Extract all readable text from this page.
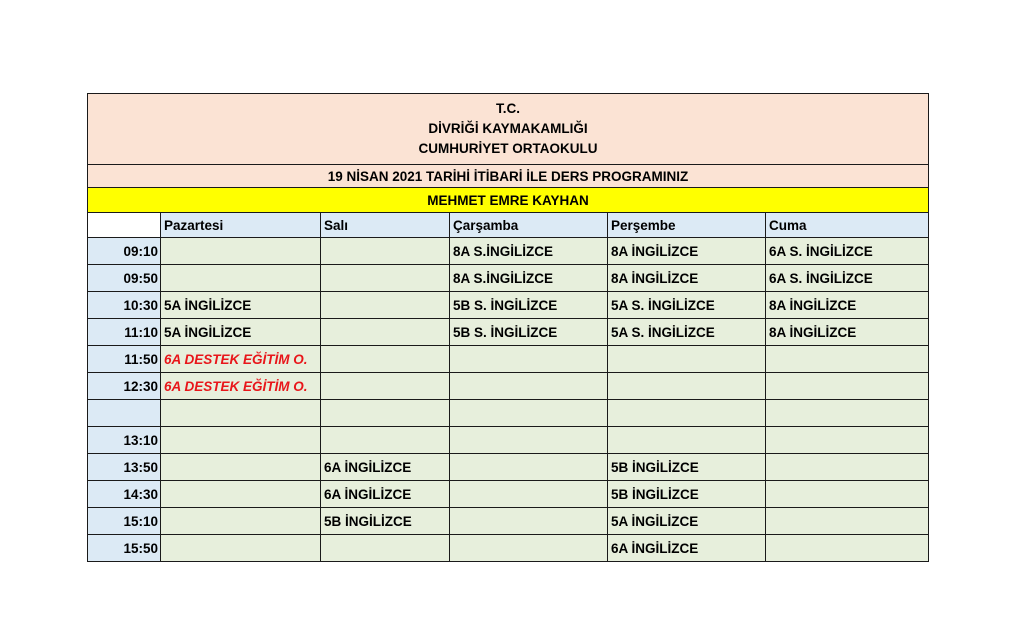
T.C.
DİVRİĞİ KAYMAKAMLIĞI
CUMHURİYET ORTAOKULU					

19 NİSAN 2021 TARİHİ İTİBARİ İLE DERS PROGRAMINIZ					
MEHMET EMRE KAYHAN					
	Pazartesi	Salı	Çarşamba	Perşembe	Cuma
09:10			8A S.İNGİLİZCE	8A İNGİLİZCE	6A S. İNGİLİZCE
09:50			8A S.İNGİLİZCE	8A İNGİLİZCE	6A S. İNGİLİZCE
10:30	5A İNGİLİZCE		5B S. İNGİLİZCE	5A S. İNGİLİZCE	8A İNGİLİZCE
11:10	5A İNGİLİZCE		5B S. İNGİLİZCE	5A S. İNGİLİZCE	8A İNGİLİZCE
11:50	6A DESTEK EĞİTİM O.				
12:30	6A DESTEK EĞİTİM O.				

13:10					
13:50		6A İNGİLİZCE		5B İNGİLİZCE	
14:30		6A İNGİLİZCE		5B İNGİLİZCE	
15:10		5B İNGİLİZCE		5A İNGİLİZCE	
15:50				6A İNGİLİZCE	
